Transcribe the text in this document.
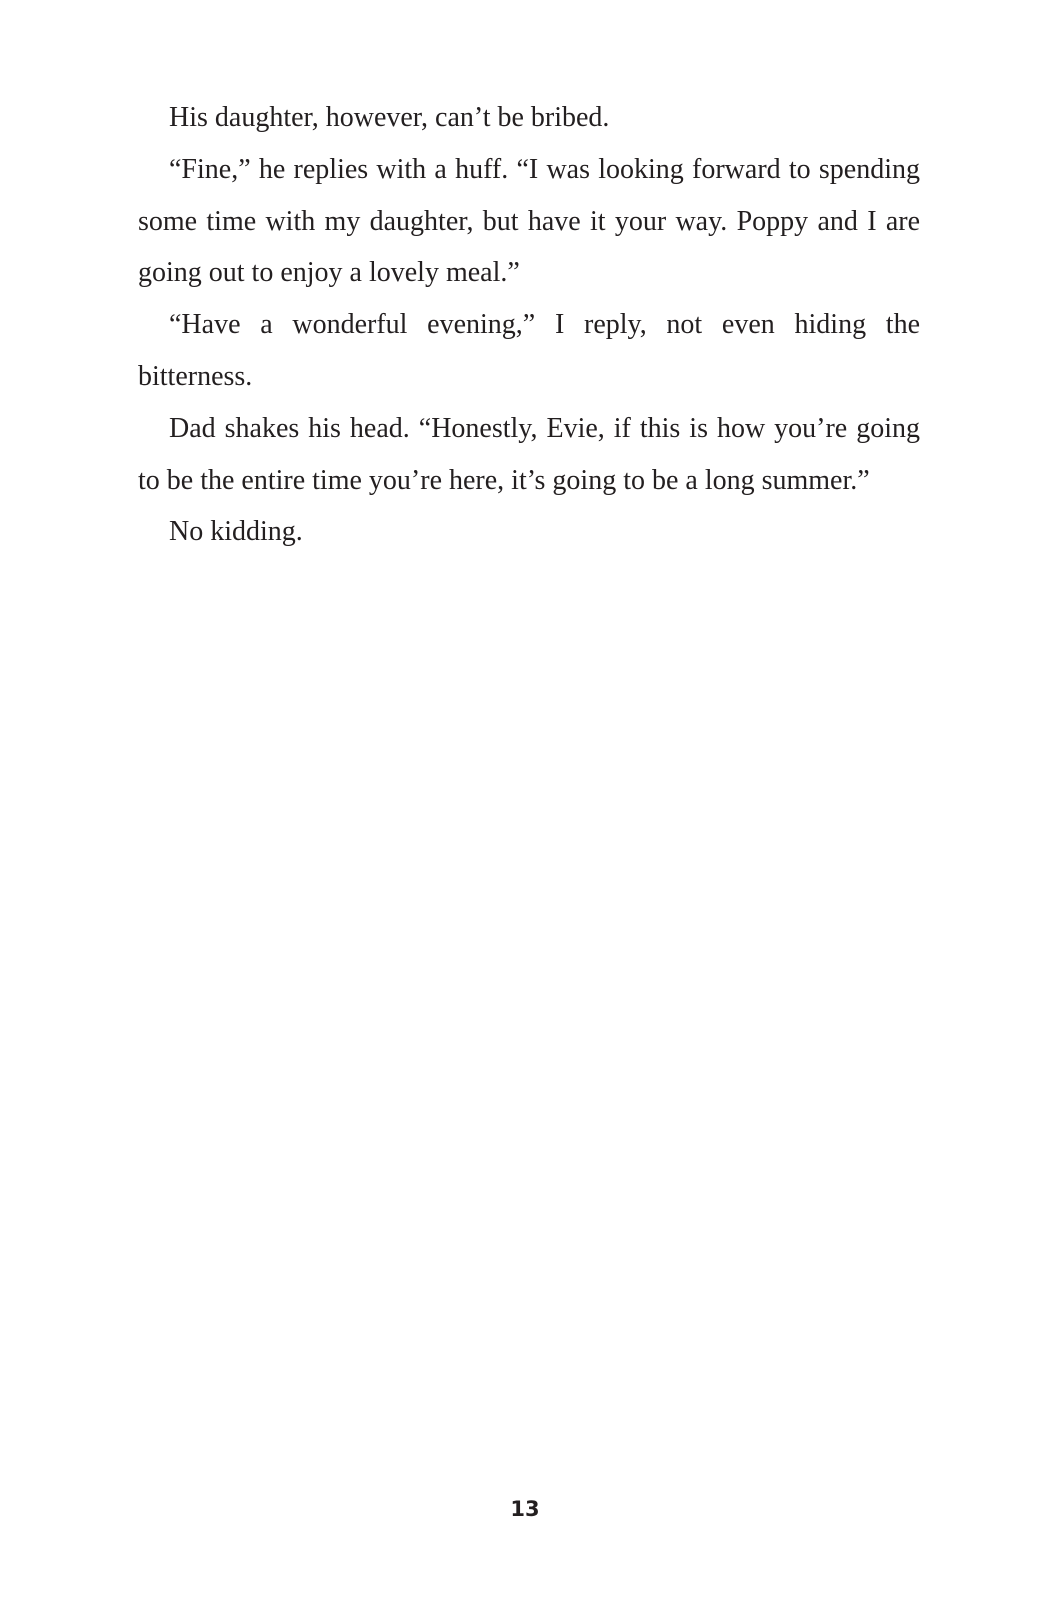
His daughter, however, can’t be bribed.

“Fine,” he replies with a huff. “I was looking forward to spending some time with my daughter, but have it your way. Poppy and I are going out to enjoy a lovely meal.”

“Have a wonderful evening,” I reply, not even hiding the bitterness.

Dad shakes his head. “Honestly, Evie, if this is how you’re going to be the entire time you’re here, it’s going to be a long summer.”

No kidding.

13
